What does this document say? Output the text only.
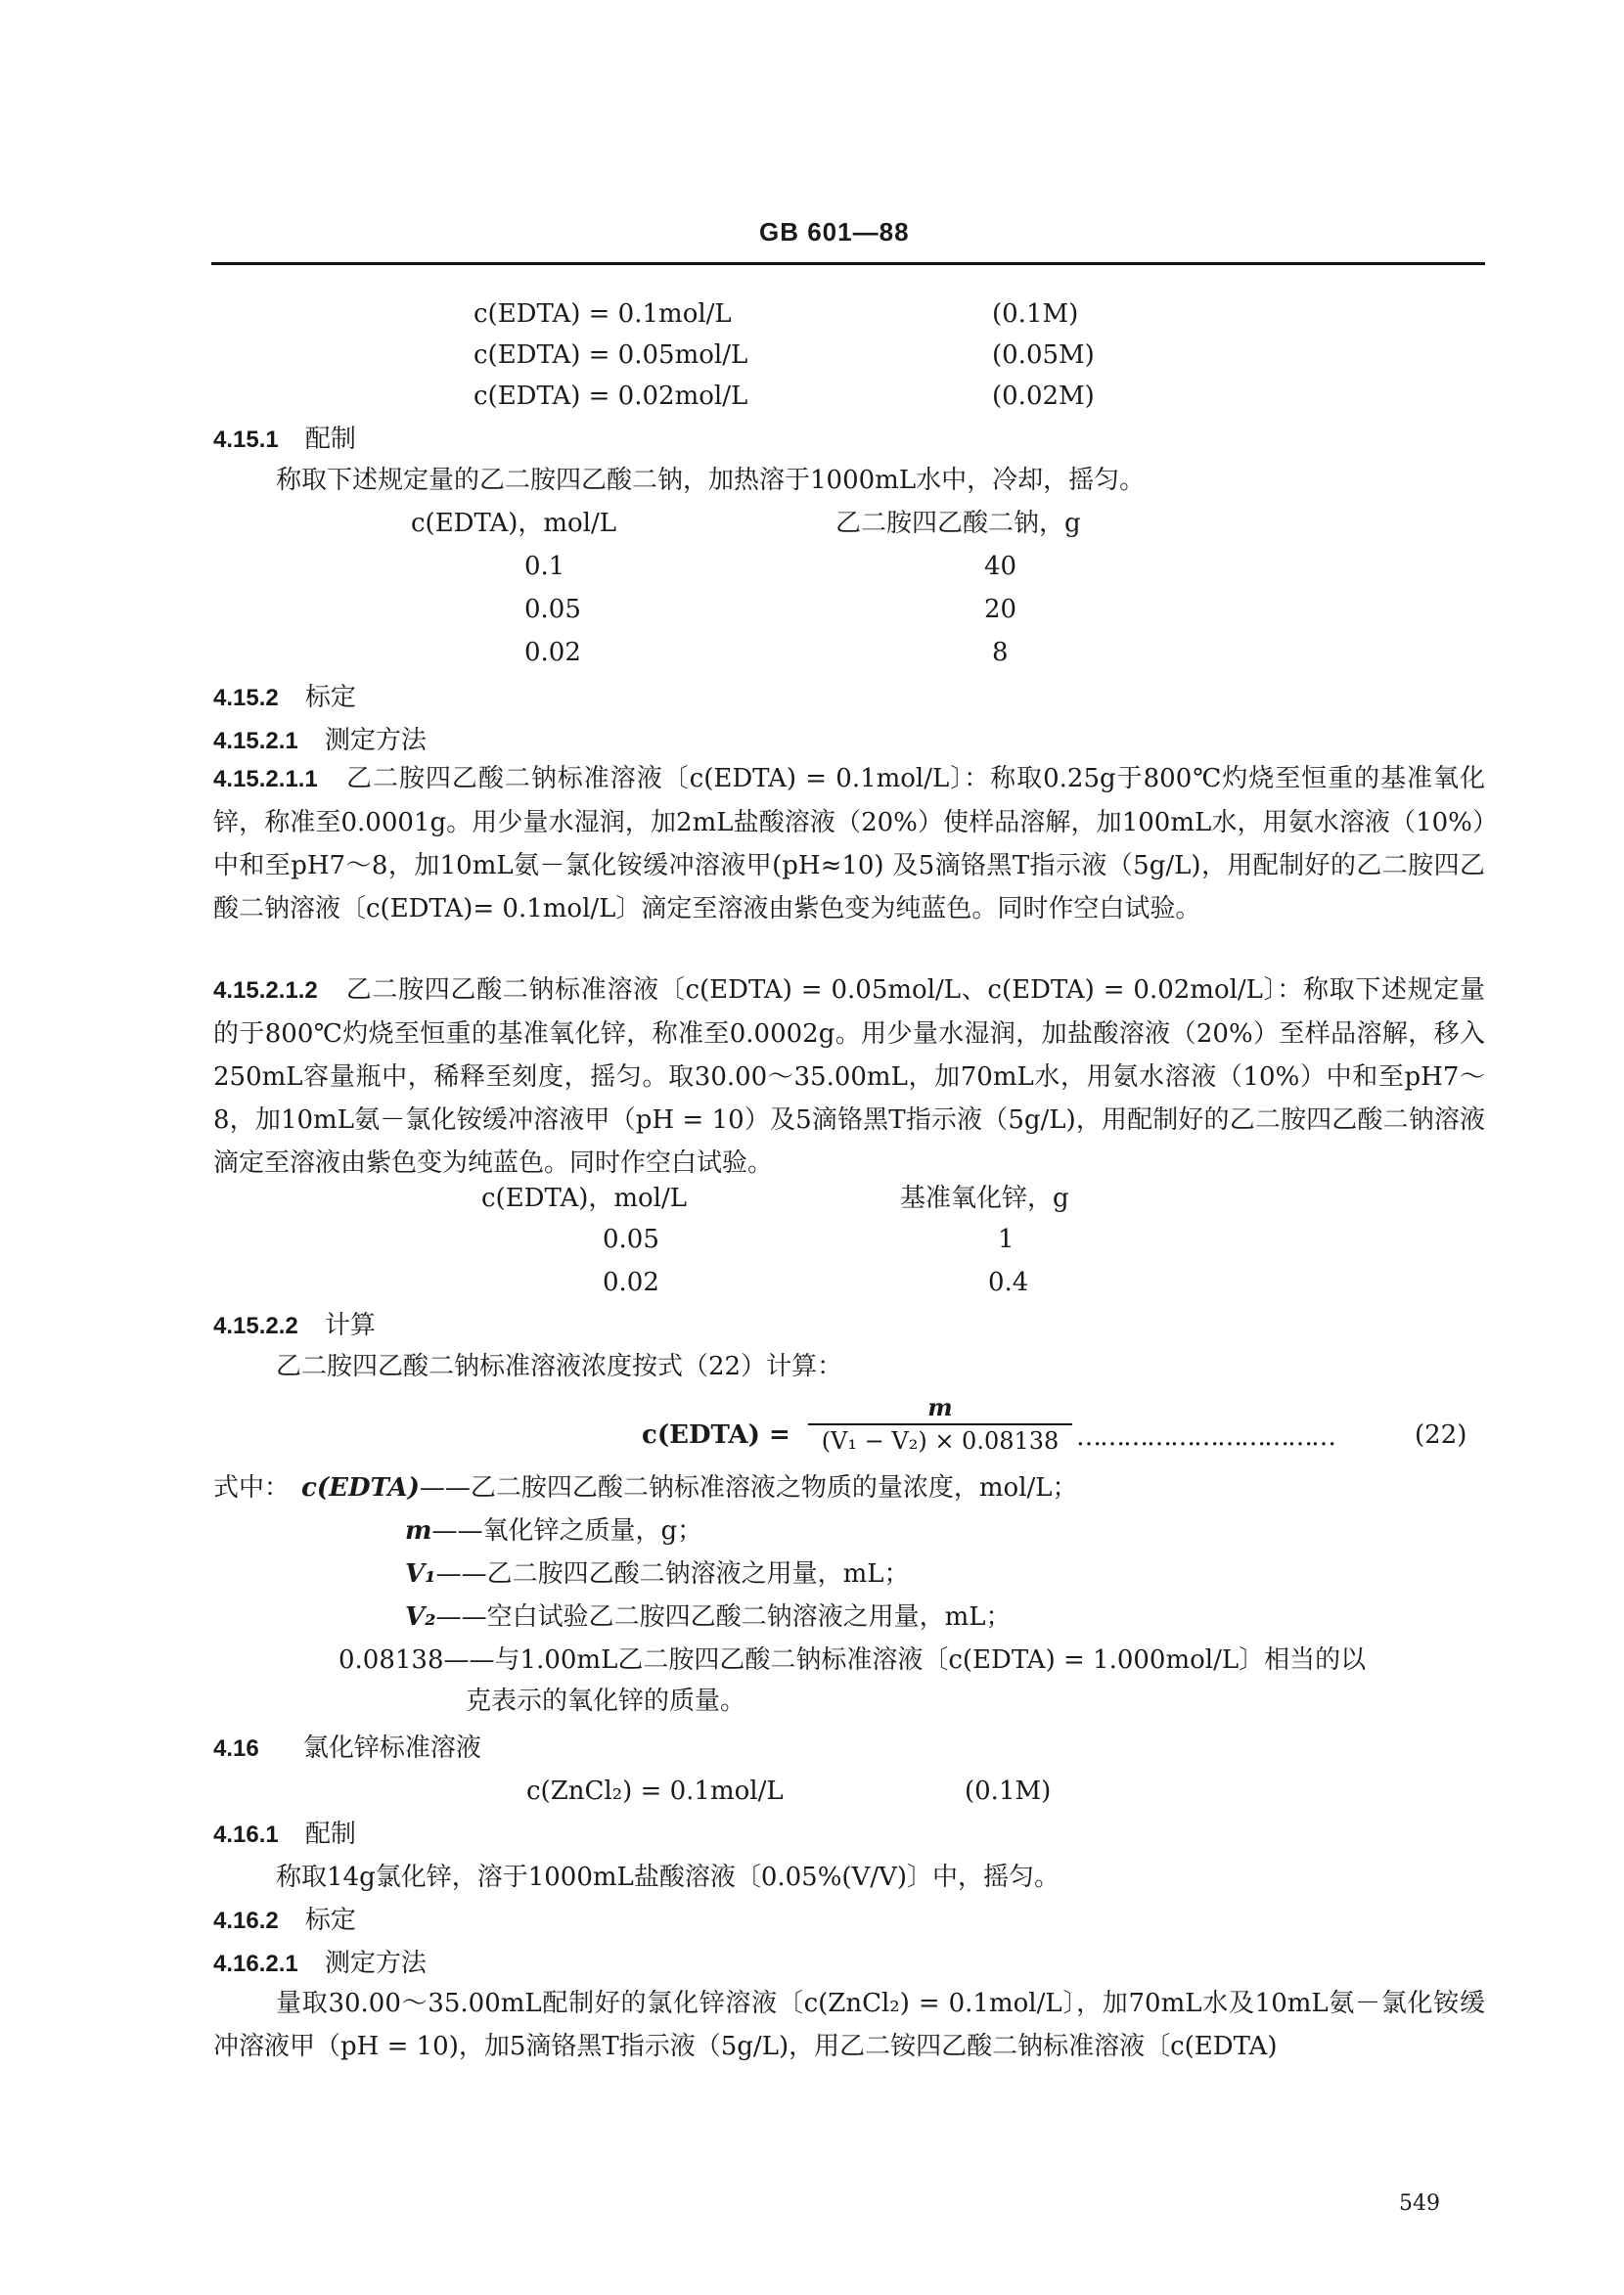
GB 601—88
c(EDTA) = 0.1mol/L	(0.1M)
c(EDTA) = 0.05mol/L	(0.05M)
c(EDTA) = 0.02mol/L	(0.02M)
4.15.1 配制
称取下述规定量的乙二胺四乙酸二钠，加热溶于1000mL水中，冷却，摇匀。
c(EDTA)，mol/L	乙二胺四乙酸二钠，g
0.1	40
0.05	20
0.02	8
4.15.2 标定
4.15.2.1 测定方法
4.15.2.1.1 乙二胺四乙酸二钠标准溶液〔c(EDTA) = 0.1mol/L〕：称取0.25g于800℃灼烧至恒重的基准氧化锌，称准至0.0001g。用少量水湿润，加2mL盐酸溶液（20%）使样品溶解，加100mL水，用氨水溶液（10%）中和至pH7～8，加10mL氨－氯化铵缓冲溶液甲(pH≈10) 及5滴铬黑T指示液（5g/L)，用配制好的乙二胺四乙酸二钠溶液〔c(EDTA)= 0.1mol/L〕滴定至溶液由紫色变为纯蓝色。同时作空白试验。
4.15.2.1.2 乙二胺四乙酸二钠标准溶液〔c(EDTA) = 0.05mol/L、c(EDTA) = 0.02mol/L〕：称取下述规定量的于800℃灼烧至恒重的基准氧化锌，称准至0.0002g。用少量水湿润，加盐酸溶液（20%）至样品溶解，移入250mL容量瓶中，稀释至刻度，摇匀。取30.00～35.00mL，加70mL水，用氨水溶液（10%）中和至pH7～8，加10mL氨－氯化铵缓冲溶液甲（pH = 10）及5滴铬黑T指示液（5g/L)，用配制好的乙二胺四乙酸二钠溶液滴定至溶液由紫色变为纯蓝色。同时作空白试验。
c(EDTA)，mol/L	基准氧化锌，g
0.05	1
0.02	0.4
4.15.2.2 计算
乙二胺四乙酸二钠标准溶液浓度按式（22）计算：
c(EDTA) =
m
(V₁ − V₂) × 0.08138 ……………………………	(22)
式中： c(EDTA)——乙二胺四乙酸二钠标准溶液之物质的量浓度，mol/L；
m——氧化锌之质量，g；
V₁——乙二胺四乙酸二钠溶液之用量，mL；
V₂——空白试验乙二胺四乙酸二钠溶液之用量，mL；
0.08138——与1.00mL乙二胺四乙酸二钠标准溶液〔c(EDTA) = 1.000mol/L〕相当的以
克表示的氧化锌的质量。
4.16 氯化锌标准溶液
c(ZnCl₂) = 0.1mol/L	(0.1M)
4.16.1 配制
称取14g氯化锌，溶于1000mL盐酸溶液〔0.05%(V/V)〕中，摇匀。
4.16.2 标定
4.16.2.1 测定方法
量取30.00～35.00mL配制好的氯化锌溶液〔c(ZnCl₂) = 0.1mol/L〕，加70mL水及10mL氨－氯化铵缓冲溶液甲（pH = 10)，加5滴铬黑T指示液（5g/L)，用乙二铵四乙酸二钠标准溶液〔c(EDTA)
549
